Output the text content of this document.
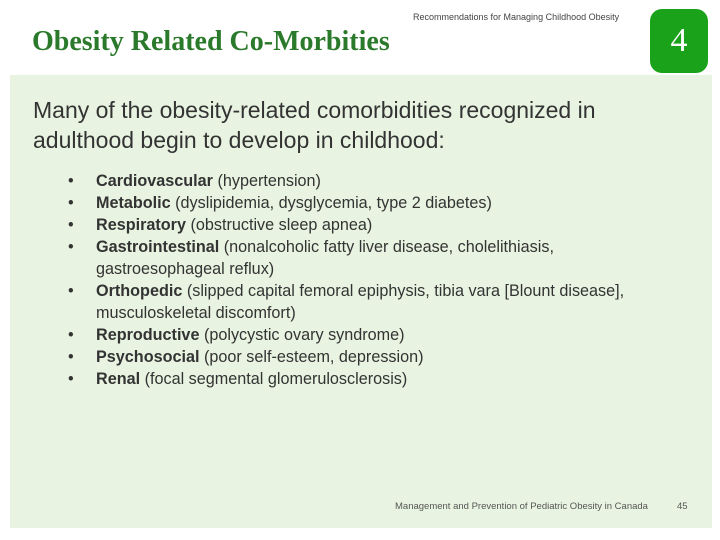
Recommendations for Managing Childhood Obesity
Obesity Related Co-Morbities	4

Many of the obesity-related comorbidities recognized in adulthood begin to develop in childhood:

• Cardiovascular (hypertension)
• Metabolic (dyslipidemia, dysglycemia, type 2 diabetes)
• Respiratory (obstructive sleep apnea)
• Gastrointestinal (nonalcoholic fatty liver disease, cholelithiasis, gastroesophageal reflux)
• Orthopedic (slipped capital femoral epiphysis, tibia vara [Blount disease], musculoskeletal discomfort)
• Reproductive (polycystic ovary syndrome)
• Psychosocial (poor self-esteem, depression)
• Renal (focal segmental glomerulosclerosis)
Management and Prevention of Pediatric Obesity in Canada	45
